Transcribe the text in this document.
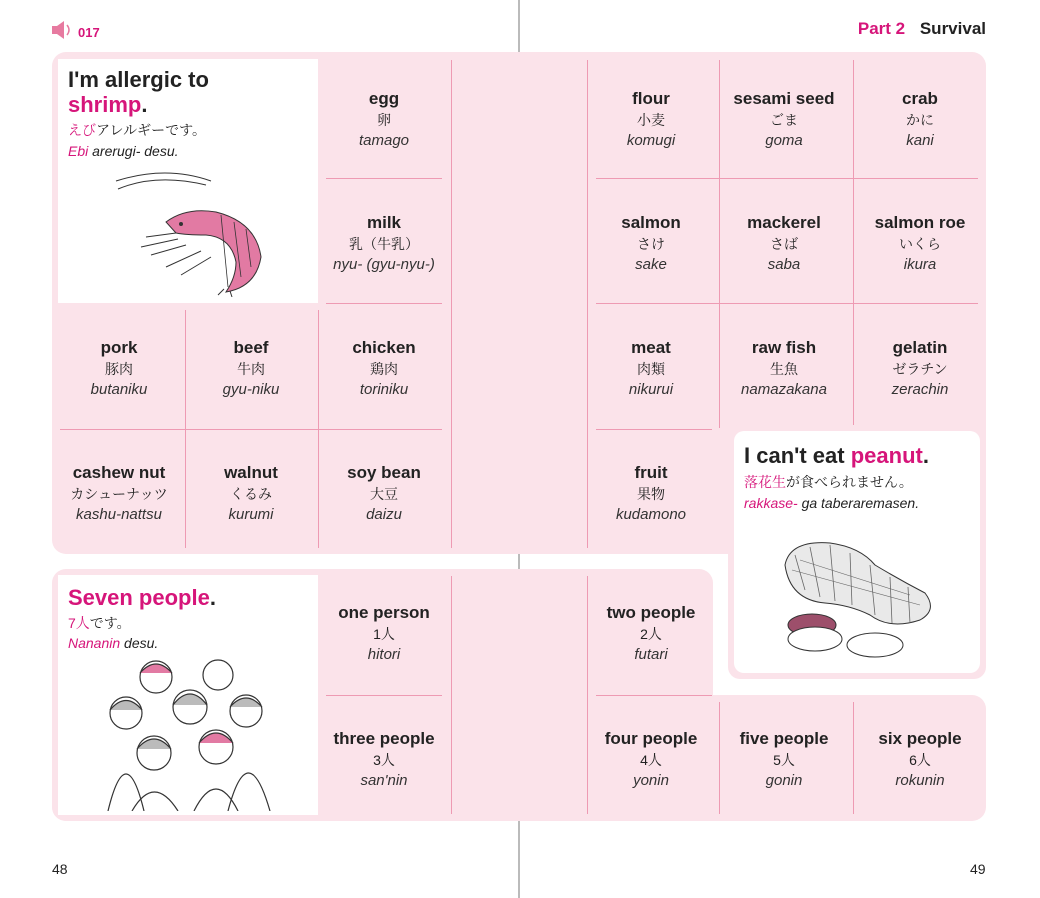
017	Part 2 Survival
I'm allergic to
shrimp.
えびアレルギーです。
Ebi arerugi- desu.
egg
卵
tamago
flour
小麦
komugi
sesami seed
ごま
goma
crab
かに
kani
milk
乳（牛乳）
nyu- (gyu-nyu-)
salmon
さけ
sake
mackerel
さば
saba
salmon roe
いくら
ikura
pork
豚肉
butaniku
beef
牛肉
gyu-niku
chicken
鶏肉
toriniku
meat
肉類
nikurui
raw fish
生魚
namazakana
gelatin
ゼラチン
zerachin
cashew nut
カシューナッツ
kashu-nattsu
walnut
くるみ
kurumi
soy bean
大豆
daizu
fruit
果物
kudamono
I can't eat peanut.
落花生が食べられません。
rakkase- ga taberaremasen.
Seven people.
7人です。
Nananin desu.
one person
1人
hitori
two people
2人
futari
three people
3人
san'nin
four people
4人
yonin
five people
5人
gonin
six people
6人
rokunin
48	49
